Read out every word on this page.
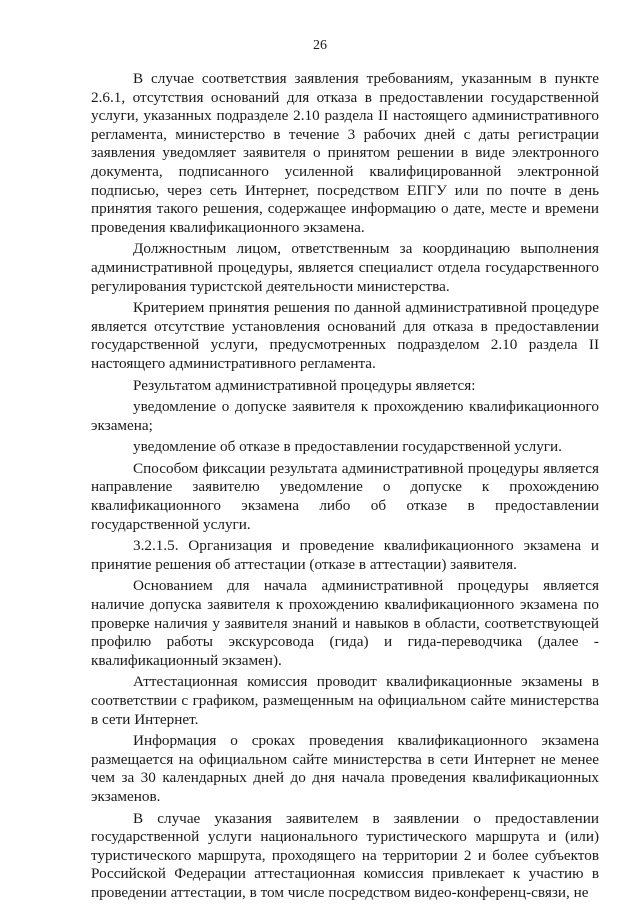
26

В случае соответствия заявления требованиям, указанным в пункте 2.6.1, отсутствия оснований для отказа в предоставлении государственной услуги, указанных подразделе 2.10 раздела II настоящего административного регламента, министерство в течение 3 рабочих дней с даты регистрации заявления уведомляет заявителя о принятом решении в виде электронного документа, подписанного усиленной квалифицированной электронной подписью, через сеть Интернет, посредством ЕПГУ или по почте в день принятия такого решения, содержащее информацию о дате, месте и времени проведения квалификационного экзамена.

Должностным лицом, ответственным за координацию выполнения административной процедуры, является специалист отдела государственного регулирования туристской деятельности министерства.

Критерием принятия решения по данной административной процедуре является отсутствие установления оснований для отказа в предоставлении государственной услуги, предусмотренных подразделом 2.10 раздела II настоящего административного регламента.

Результатом административной процедуры является:

уведомление о допуске заявителя к прохождению квалификационного экзамена;

уведомление об отказе в предоставлении государственной услуги.

Способом фиксации результата административной процедуры является направление заявителю уведомление о допуске к прохождению квалификационного экзамена либо об отказе в предоставлении государственной услуги.

3.2.1.5. Организация и проведение квалификационного экзамена и принятие решения об аттестации (отказе в аттестации) заявителя.

Основанием для начала административной процедуры является наличие допуска заявителя к прохождению квалификационного экзамена по проверке наличия у заявителя знаний и навыков в области, соответствующей профилю работы экскурсовода (гида) и гида-переводчика (далее - квалификационный экзамен).

Аттестационная комиссия проводит квалификационные экзамены в соответствии с графиком, размещенным на официальном сайте министерства в сети Интернет.

Информация о сроках проведения квалификационного экзамена размещается на официальном сайте министерства в сети Интернет не менее чем за 30 календарных дней до дня начала проведения квалификационных экзаменов.

В случае указания заявителем в заявлении о предоставлении государственной услуги национального туристического маршрута и (или) туристического маршрута, проходящего на территории 2 и более субъектов Российской Федерации аттестационная комиссия привлекает к участию в проведении аттестации, в том числе посредством видео-конференц-связи, не
